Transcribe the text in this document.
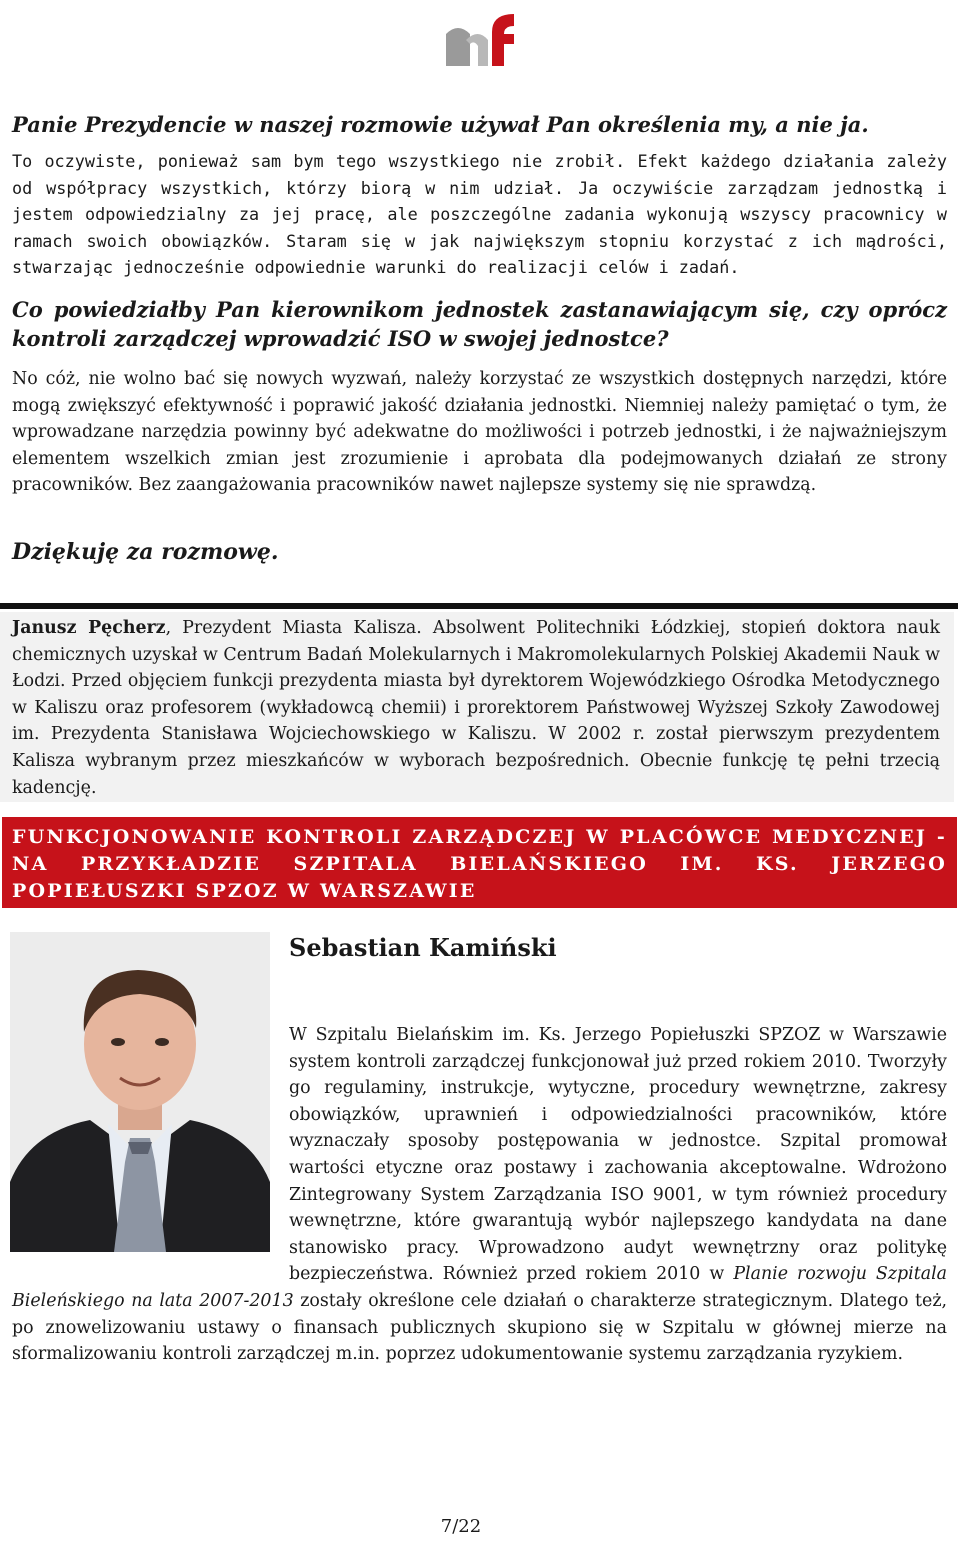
Panie Prezydencie w naszej rozmowie używał Pan określenia my, a nie ja.

To oczywiste, ponieważ sam bym tego wszystkiego nie zrobił. Efekt każdego działania zależy od współpracy wszystkich, którzy biorą w nim udział. Ja oczywiście zarządzam jednostką i jestem odpowiedzialny za jej pracę, ale poszczególne zadania wykonują wszyscy pracownicy w ramach swoich obowiązków. Staram się w jak największym stopniu korzystać z ich mądrości, stwarzając jednocześnie odpowiednie warunki do realizacji celów i zadań.

Co powiedziałby Pan kierownikom jednostek zastanawiającym się, czy oprócz kontroli zarządczej wprowadzić ISO w swojej jednostce?

No cóż, nie wolno bać się nowych wyzwań, należy korzystać ze wszystkich dostępnych narzędzi, które mogą zwiększyć efektywność i poprawić jakość działania jednostki. Niemniej należy pamiętać o tym, że wprowadzane narzędzia powinny być adekwatne do możliwości i potrzeb jednostki, i że najważniejszym elementem wszelkich zmian jest zrozumienie i aprobata dla podejmowanych działań ze strony pracowników. Bez zaangażowania pracowników nawet najlepsze systemy się nie sprawdzą.

Dziękuję za rozmowę.

Janusz Pęcherz, Prezydent Miasta Kalisza. Absolwent Politechniki Łódzkiej, stopień doktora nauk chemicznych uzyskał w Centrum Badań Molekularnych i Makromolekularnych Polskiej Akademii Nauk w Łodzi. Przed objęciem funkcji prezydenta miasta był dyrektorem Wojewódzkiego Ośrodka Metodycznego w Kaliszu oraz profesorem (wykładowcą chemii) i prorektorem Państwowej Wyższej Szkoły Zawodowej im. Prezydenta Stanisława Wojciechowskiego w Kaliszu. W 2002 r. został pierwszym prezydentem Kalisza wybranym przez mieszkańców w wyborach bezpośrednich. Obecnie funkcję tę pełni trzecią kadencję.

FUNKCJONOWANIE KONTROLI ZARZĄDCZEJ W PLACÓWCE MEDYCZNEJ - NA PRZYKŁADZIE SZPITALA BIELAŃSKIEGO IM. KS. JERZEGO POPIEŁUSZKI SPZOZ W WARSZAWIE

Sebastian Kamiński

W Szpitalu Bielańskim im. Ks. Jerzego Popiełuszki SPZOZ w Warszawie system kontroli zarządczej funkcjonował już przed rokiem 2010. Tworzyły go regulaminy, instrukcje, wytyczne, procedury wewnętrzne, zakresy obowiązków, uprawnień i odpowiedzialności pracowników, które wyznaczały sposoby postępowania w jednostce. Szpital promował wartości etyczne oraz postawy i zachowania akceptowalne. Wdrożono Zintegrowany System Zarządzania ISO 9001, w tym również procedury wewnętrzne, które gwarantują wybór najlepszego kandydata na dane stanowisko pracy. Wprowadzono audyt wewnętrzny oraz politykę bezpieczeństwa. Również przed rokiem 2010 w Planie rozwoju Szpitala Bieleńskiego na lata 2007-2013 zostały określone cele działań o charakterze strategicznym. Dlatego też, po znowelizowaniu ustawy o finansach publicznych skupiono się w Szpitalu w głównej mierze na sformalizowaniu kontroli zarządczej m.in. poprzez udokumentowanie systemu zarządzania ryzykiem.

7/22
